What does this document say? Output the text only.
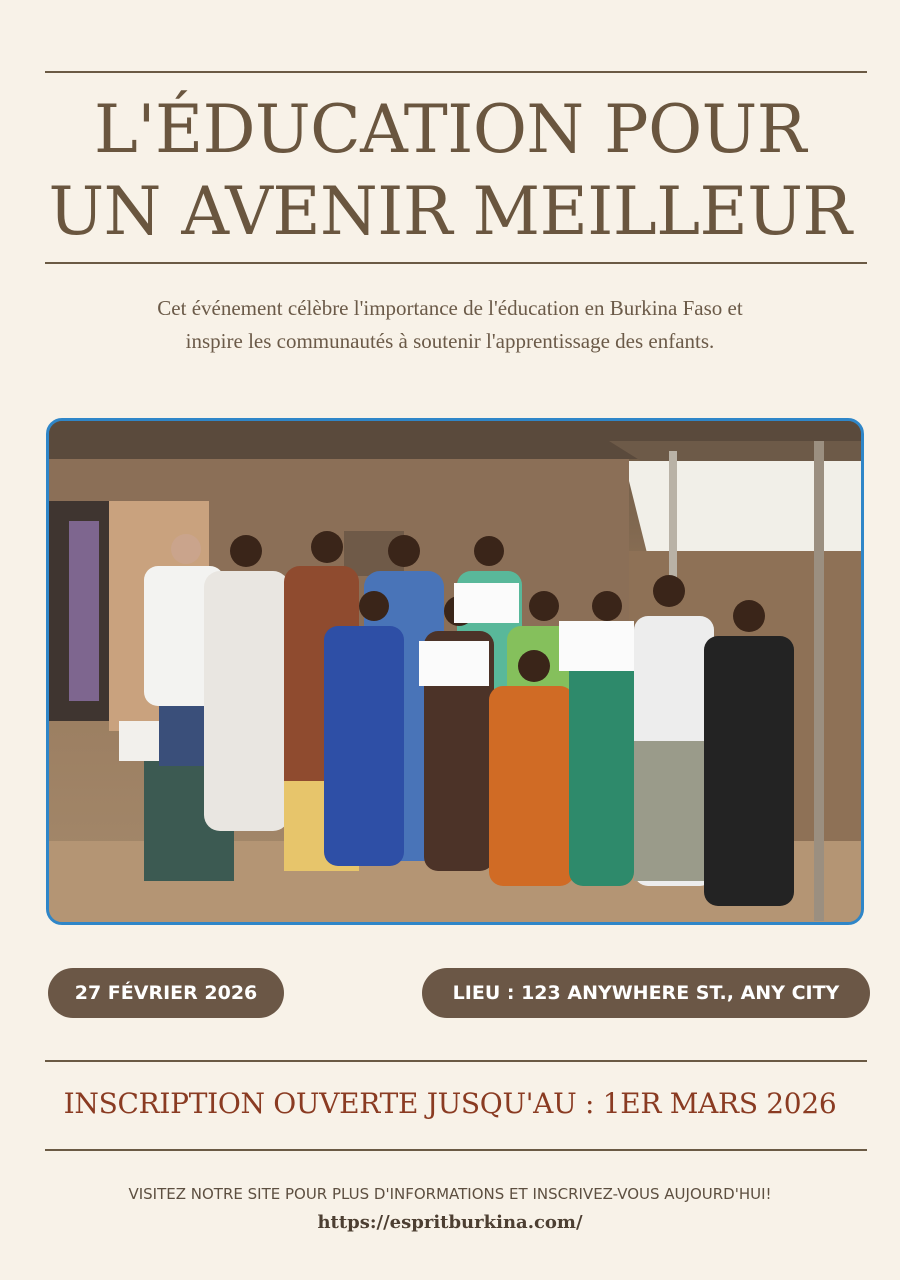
L'ÉDUCATION POUR
UN AVENIR MEILLEUR
Cet événement célèbre l'importance de l'éducation en Burkina Faso et
inspire les communautés à soutenir l'apprentissage des enfants.
27 FÉVRIER 2026	LIEU : 123 ANYWHERE ST., ANY CITY
INSCRIPTION OUVERTE JUSQU'AU : 1ER MARS 2026
VISITEZ NOTRE SITE POUR PLUS D'INFORMATIONS ET INSCRIVEZ-VOUS AUJOURD'HUI!
https://espritburkina.com/
